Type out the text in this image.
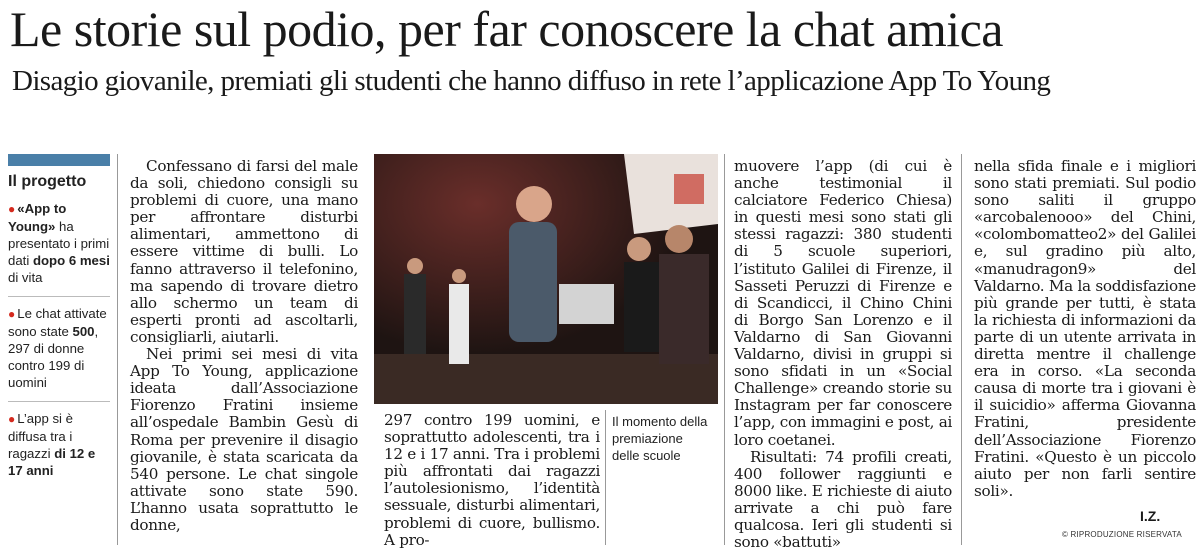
Le storie sul podio, per far conoscere la chat amica
Disagio giovanile, premiati gli studenti che hanno diffuso in rete l’applicazione App To Young
Il progetto
● «App to Young» ha presentato i primi dati dopo 6 mesi di vita
● Le chat attivate sono state 500, 297 di donne contro 199 di uomini
● L’app si è diffusa tra i ragazzi di 12 e 17 anni

Confessano di farsi del male da soli, chiedono consigli su problemi di cuore, una mano per affrontare disturbi alimentari, ammettono di essere vittime di bulli. Lo fanno attraverso il telefonino, ma sapendo di trovare dietro allo schermo un team di esperti pronti ad ascoltarli, consigliarli, aiutarli.

Nei primi sei mesi di vita App To Young, applicazione ideata dall’Associazione Fiorenzo Fratini insieme all’ospedale Bambin Gesù di Roma per prevenire il disagio giovanile, è stata scaricata da 540 persone. Le chat singole attivate sono state 590. L’hanno usata soprattutto le donne,

297 contro 199 uomini, e soprattutto adolescenti, tra i 12 e i 17 anni. Tra i problemi più affrontati dai ragazzi l’autolesionismo, l’identità sessuale, disturbi alimentari, problemi di cuore, bullismo. A pro-

Il momento della premiazione delle scuole

muovere l’app (di cui è anche testimonial il calciatore Federico Chiesa) in questi mesi sono stati gli stessi ragazzi: 380 studenti di 5 scuole superiori, l’istituto Galilei di Firenze, il Sasseti Peruzzi di Firenze e di Scandicci, il Chino Chini di Borgo San Lorenzo e il Valdarno di San Giovanni Valdarno, divisi in gruppi si sono sfidati in un «Social Challenge» creando storie su Instagram per far conoscere l’app, con immagini e post, ai loro coetanei.

Risultati: 74 profili creati, 400 follower raggiunti e 8000 like. E richieste di aiuto arrivate a chi può fare qualcosa. Ieri gli studenti si sono «battuti»

nella sfida finale e i migliori sono stati premiati. Sul podio sono saliti il gruppo «arcobalenooo» del Chini, «colombomatteo2» del Galilei e, sul gradino più alto, «manudragon9» del Valdarno. Ma la soddisfazione più grande per tutti, è stata la richiesta di informazioni da parte di un utente arrivata in diretta mentre il challenge era in corso. «La seconda causa di morte tra i giovani è il suicidio» afferma Giovanna Fratini, presidente dell’Associazione Fiorenzo Fratini. «Questo è un piccolo aiuto per non farli sentire soli».

I.Z.
© RIPRODUZIONE RISERVATA
